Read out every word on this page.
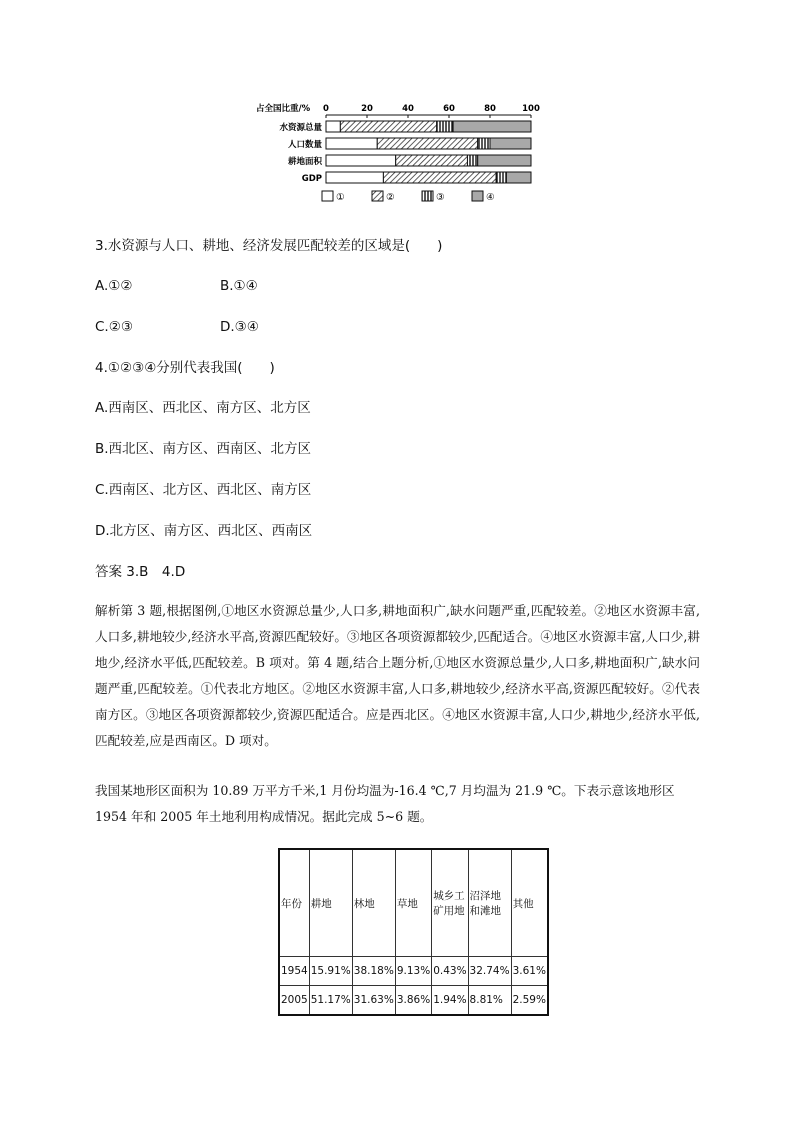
占全国比重/% 0	20	40	60	80	100
水资源总量
人口数量
耕地面积
GDP
①	②	③	④
3.水资源与人口、耕地、经济发展匹配较差的区域是(　　)
A.①②	B.①④
C.②③	D.③④
4.①②③④分别代表我国(　　)
A.西南区、西北区、南方区、北方区
B.西北区、南方区、西南区、北方区
C.西南区、北方区、西北区、南方区
D.北方区、南方区、西北区、西南区
答案 3.B　4.D
解析第 3 题,根据图例,①地区水资源总量少,人口多,耕地面积广,缺水问题严重,匹配较差。②地区水资源丰富,人口多,耕地较少,经济水平高,资源匹配较好。③地区各项资源都较少,匹配适合。④地区水资源丰富,人口少,耕地少,经济水平低,匹配较差。B 项对。第 4 题,结合上题分析,①地区水资源总量少,人口多,耕地面积广,缺水问题严重,匹配较差。①代表北方地区。②地区水资源丰富,人口多,耕地较少,经济水平高,资源匹配较好。②代表南方区。③地区各项资源都较少,资源匹配适合。应是西北区。④地区水资源丰富,人口少,耕地少,经济水平低,匹配较差,应是西南区。D 项对。
我国某地形区面积为 10.89 万平方千米,1 月份均温为-16.4 ℃,7 月均温为 21.9 ℃。下表示意该地形区 1954 年和 2005 年土地利用构成情况。据此完成 5~6 题。
年份	耕地	林地	草地	城乡工矿用地	沼泽地和滩地	其他
1954	15.91%	38.18%	9.13%	0.43%	32.74%	3.61%
2005	51.17%	31.63%	3.86%	1.94%	8.81%	2.59%
